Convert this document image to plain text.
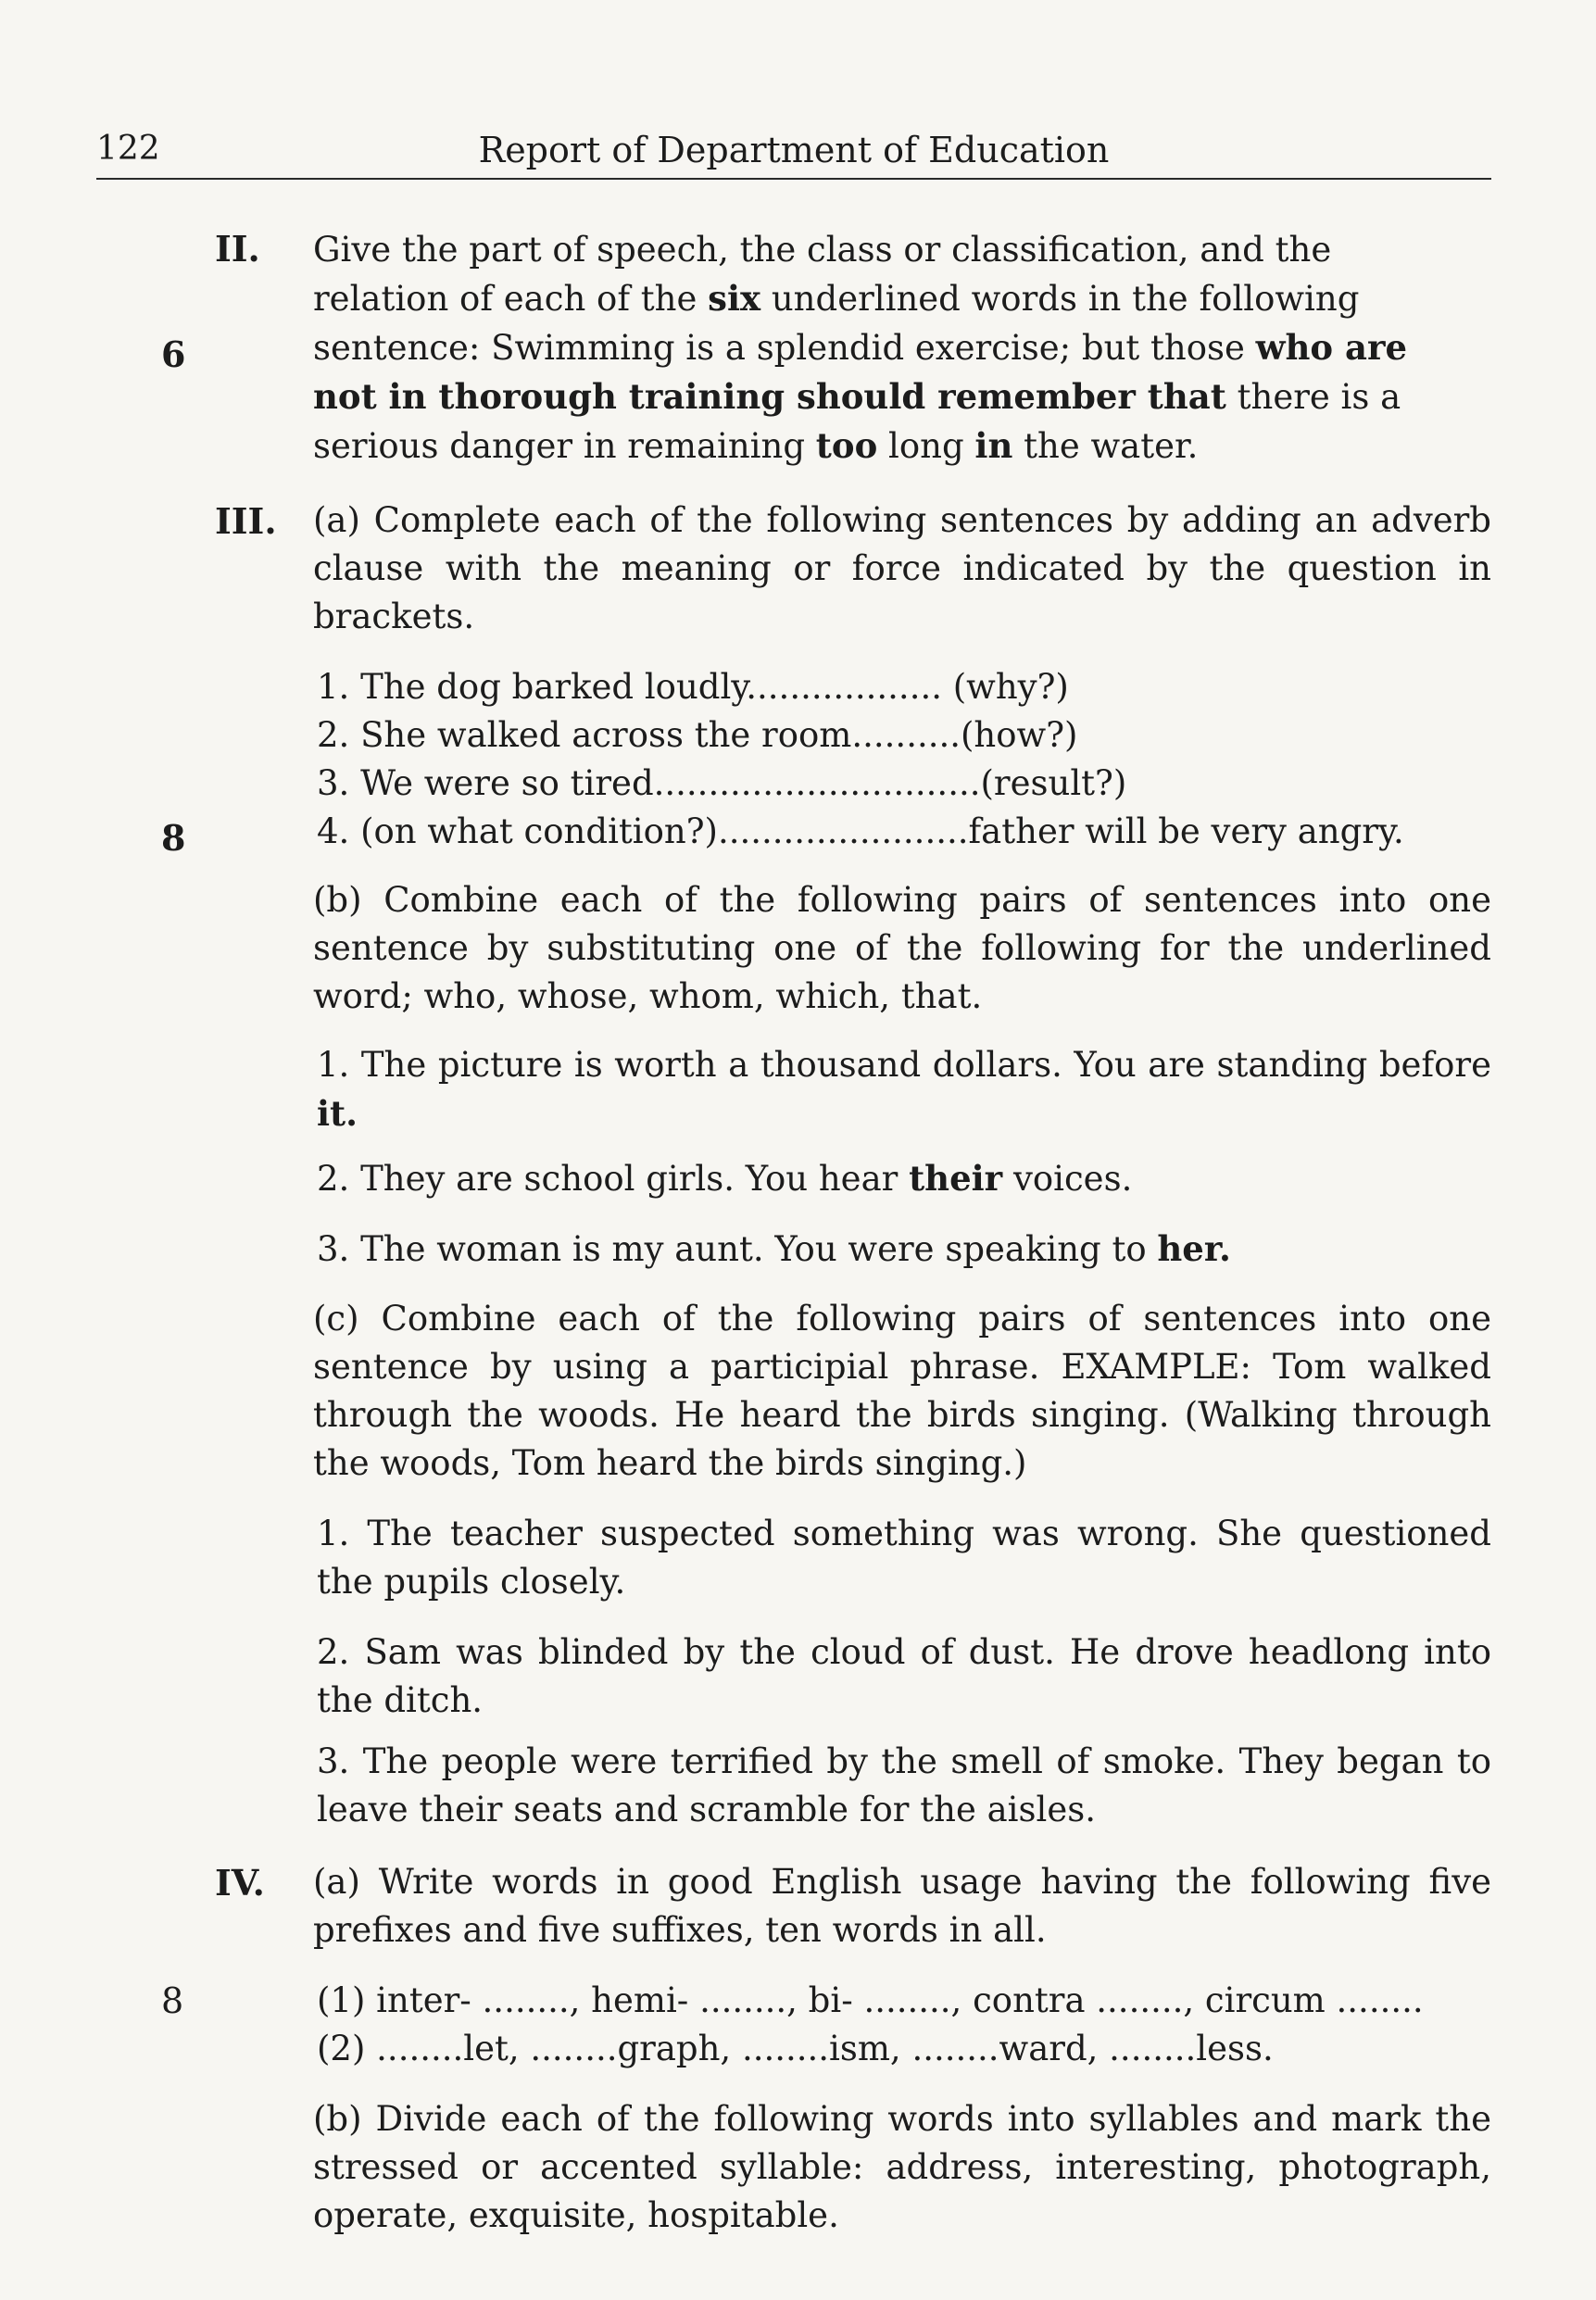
122	Report of Department of Education
II.
6
Give the part of speech, the class or classification, and the
relation of each of the six underlined words in the following
sentence: Swimming is a splendid exercise; but those who are
not in thorough training should remember that there is a
serious danger in remaining too long in the water.
III.
8
(a) Complete each of the following sentences by adding an adverb clause with the meaning or force indicated by the question in brackets.
1. The dog barked loudly.................. (why?)
2. She walked across the room..........(how?)
3. We were so tired..............................(result?)
4. (on what condition?).......................father will be very angry.
(b) Combine each of the following pairs of sentences into one sentence by substituting one of the following for the underlined word; who, whose, whom, which, that.
1. The picture is worth a thousand dollars. You are standing before it.
2. They are school girls. You hear their voices.
3. The woman is my aunt. You were speaking to her.
(c) Combine each of the following pairs of sentences into one sentence by using a participial phrase. EXAMPLE: Tom walked through the woods. He heard the birds singing. (Walking through the woods, Tom heard the birds singing.)
1. The teacher suspected something was wrong. She questioned the pupils closely.
2. Sam was blinded by the cloud of dust. He drove headlong into the ditch.
3. The people were terrified by the smell of smoke. They began to leave their seats and scramble for the aisles.
IV.
8
(a) Write words in good English usage having the following five prefixes and five suffixes, ten words in all.
(1) inter- ........, hemi- ........, bi- ........, contra ........, circum ........
(2) ........let, ........graph, ........ism, ........ward, ........less.
(b) Divide each of the following words into syllables and mark the stressed or accented syllable: address, interesting, photograph, operate, exquisite, hospitable.
